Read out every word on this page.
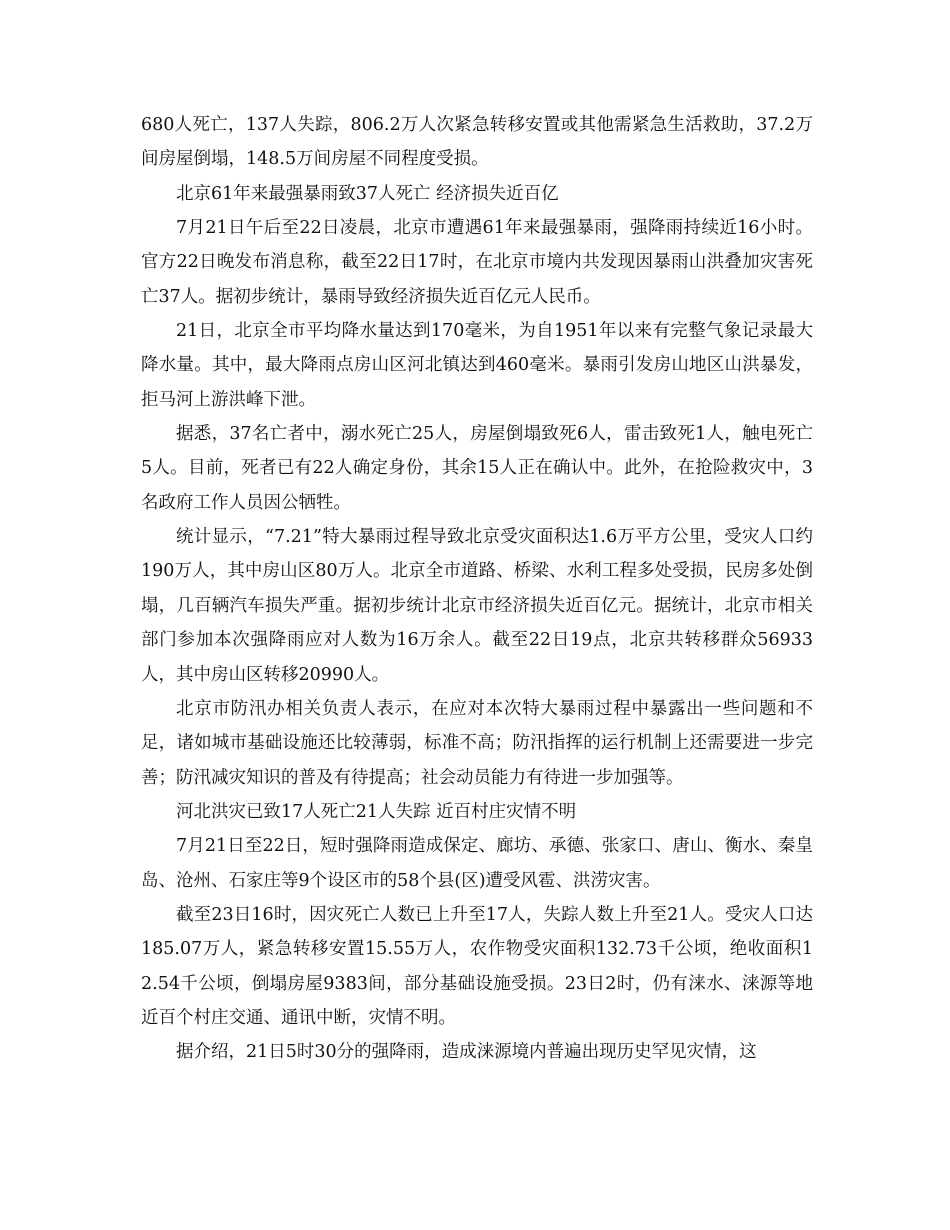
680人死亡，137人失踪，806.2万人次紧急转移安置或其他需紧急生活救助，37.2万间房屋倒塌，148.5万间房屋不同程度受损。

北京61年来最强暴雨致37人死亡 经济损失近百亿

7月21日午后至22日凌晨，北京市遭遇61年来最强暴雨，强降雨持续近16小时。官方22日晚发布消息称，截至22日17时，在北京市境内共发现因暴雨山洪叠加灾害死亡37人。据初步统计，暴雨导致经济损失近百亿元人民币。

21日，北京全市平均降水量达到170毫米，为自1951年以来有完整气象记录最大降水量。其中，最大降雨点房山区河北镇达到460毫米。暴雨引发房山地区山洪暴发，拒马河上游洪峰下泄。

据悉，37名亡者中，溺水死亡25人，房屋倒塌致死6人，雷击致死1人，触电死亡5人。目前，死者已有22人确定身份，其余15人正在确认中。此外，在抢险救灾中，3名政府工作人员因公牺牲。

统计显示，“7.21”特大暴雨过程导致北京受灾面积达1.6万平方公里，受灾人口约190万人，其中房山区80万人。北京全市道路、桥梁、水利工程多处受损，民房多处倒塌，几百辆汽车损失严重。据初步统计北京市经济损失近百亿元。据统计，北京市相关部门参加本次强降雨应对人数为16万余人。截至22日19点，北京共转移群众56933人，其中房山区转移20990人。

北京市防汛办相关负责人表示，在应对本次特大暴雨过程中暴露出一些问题和不足，诸如城市基础设施还比较薄弱，标准不高；防汛指挥的运行机制上还需要进一步完善；防汛减灾知识的普及有待提高；社会动员能力有待进一步加强等。

河北洪灾已致17人死亡21人失踪 近百村庄灾情不明

7月21日至22日，短时强降雨造成保定、廊坊、承德、张家口、唐山、衡水、秦皇岛、沧州、石家庄等9个设区市的58个县(区)遭受风雹、洪涝灾害。

截至23日16时，因灾死亡人数已上升至17人，失踪人数上升至21人。受灾人口达185.07万人，紧急转移安置15.55万人，农作物受灾面积132.73千公顷，绝收面积12.54千公顷，倒塌房屋9383间，部分基础设施受损。23日2时，仍有涞水、涞源等地近百个村庄交通、通讯中断，灾情不明。

据介绍，21日5时30分的强降雨，造成涞源境内普遍出现历史罕见灾情，这
